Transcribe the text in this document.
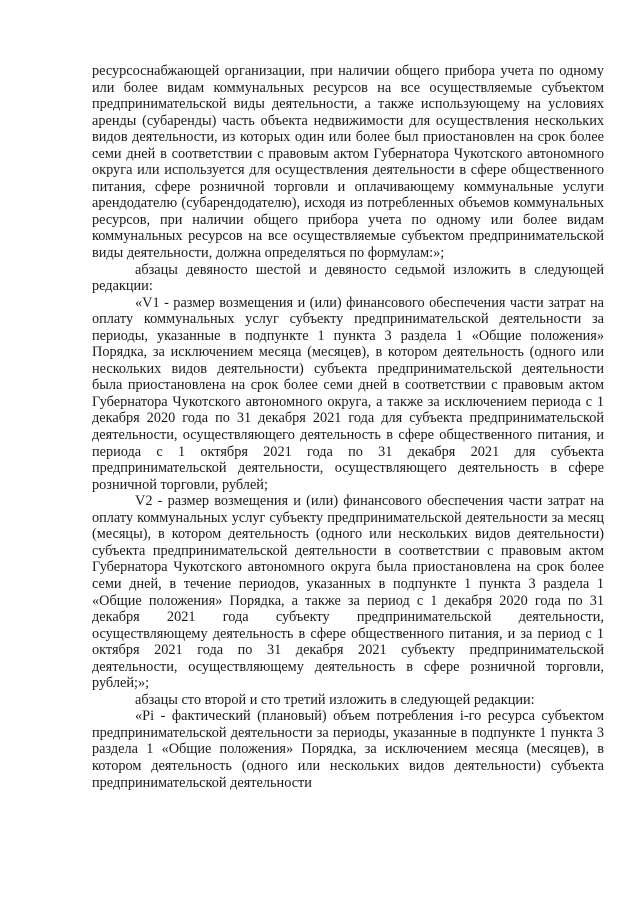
ресурсоснабжающей организации, при наличии общего прибора учета по одному или более видам коммунальных ресурсов на все осуществляемые субъектом предпринимательской виды деятельности, а также использующему на условиях аренды (субаренды) часть объекта недвижимости для осуществления нескольких видов деятельности, из которых один или более был приостановлен на срок более семи дней в соответствии с правовым актом Губернатора Чукотского автономного округа или используется для осуществления деятельности в сфере общественного питания, сфере розничной торговли и оплачивающему коммунальные услуги арендодателю (субарендодателю), исходя из потребленных объемов коммунальных ресурсов, при наличии общего прибора учета по одному или более видам коммунальных ресурсов на все осуществляемые субъектом предпринимательской виды деятельности, должна определяться по формулам:»;

абзацы девяносто шестой и девяносто седьмой изложить в следующей редакции:

«V1 - размер возмещения и (или) финансового обеспечения части затрат на оплату коммунальных услуг субъекту предпринимательской деятельности за периоды, указанные в подпункте 1 пункта 3 раздела 1 «Общие положения» Порядка, за исключением месяца (месяцев), в котором деятельность (одного или нескольких видов деятельности) субъекта предпринимательской деятельности была приостановлена на срок более семи дней в соответствии с правовым актом Губернатора Чукотского автономного округа, а также за исключением периода с 1 декабря 2020 года по 31 декабря 2021 года для субъекта предпринимательской деятельности, осуществляющего деятельность в сфере общественного питания, и периода с 1 октября 2021 года по 31 декабря 2021 для субъекта предпринимательской деятельности, осуществляющего деятельность в сфере розничной торговли, рублей;

V2 - размер возмещения и (или) финансового обеспечения части затрат на оплату коммунальных услуг субъекту предпринимательской деятельности за месяц (месяцы), в котором деятельность (одного или нескольких видов деятельности) субъекта предпринимательской деятельности в соответствии с правовым актом Губернатора Чукотского автономного округа была приостановлена на срок более семи дней, в течение периодов, указанных в подпункте 1 пункта 3 раздела 1 «Общие положения» Порядка, а также за период с 1 декабря 2020 года по 31 декабря 2021 года субъекту предпринимательской деятельности, осуществляющему деятельность в сфере общественного питания, и за период с 1 октября 2021 года по 31 декабря 2021 субъекту предпринимательской деятельности, осуществляющему деятельность в сфере розничной торговли, рублей;»;

абзацы сто второй и сто третий изложить в следующей редакции:

«Pi - фактический (плановый) объем потребления i-го ресурса субъектом предпринимательской деятельности за периоды, указанные в подпункте 1 пункта 3 раздела 1 «Общие положения» Порядка, за исключением месяца (месяцев), в котором деятельность (одного или нескольких видов деятельности) субъекта предпринимательской деятельности
